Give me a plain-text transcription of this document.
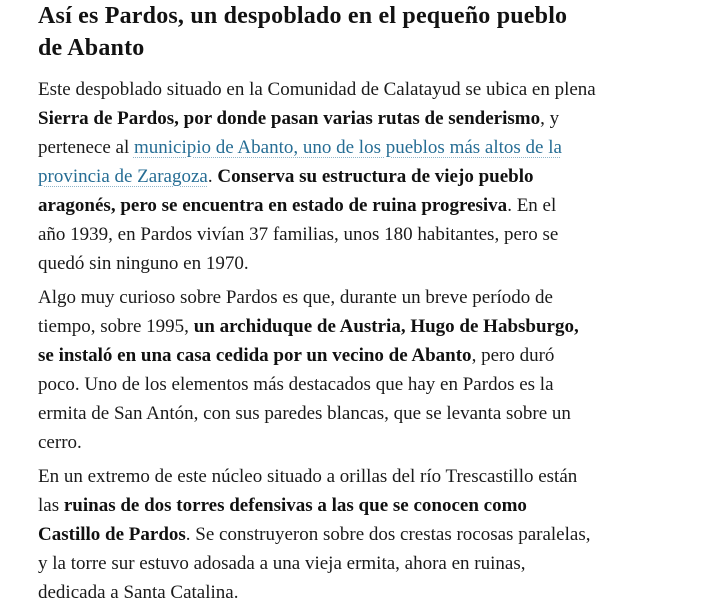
Así es Pardos, un despoblado en el pequeño pueblo
de Abanto

Este despoblado situado en la Comunidad de Calatayud se ubica en plena
Sierra de Pardos, por donde pasan varias rutas de senderismo, y
pertenece al municipio de Abanto, uno de los pueblos más altos de la
provincia de Zaragoza. Conserva su estructura de viejo pueblo
aragonés, pero se encuentra en estado de ruina progresiva. En el
año 1939, en Pardos vivían 37 familias, unos 180 habitantes, pero se
quedó sin ninguno en 1970.

Algo muy curioso sobre Pardos es que, durante un breve período de
tiempo, sobre 1995, un archiduque de Austria, Hugo de Habsburgo,
se instaló en una casa cedida por un vecino de Abanto, pero duró
poco. Uno de los elementos más destacados que hay en Pardos es la
ermita de San Antón, con sus paredes blancas, que se levanta sobre un
cerro.

En un extremo de este núcleo situado a orillas del río Trescastillo están
las ruinas de dos torres defensivas a las que se conocen como
Castillo de Pardos. Se construyeron sobre dos crestas rocosas paralelas,
y la torre sur estuvo adosada a una vieja ermita, ahora en ruinas,
dedicada a Santa Catalina.
